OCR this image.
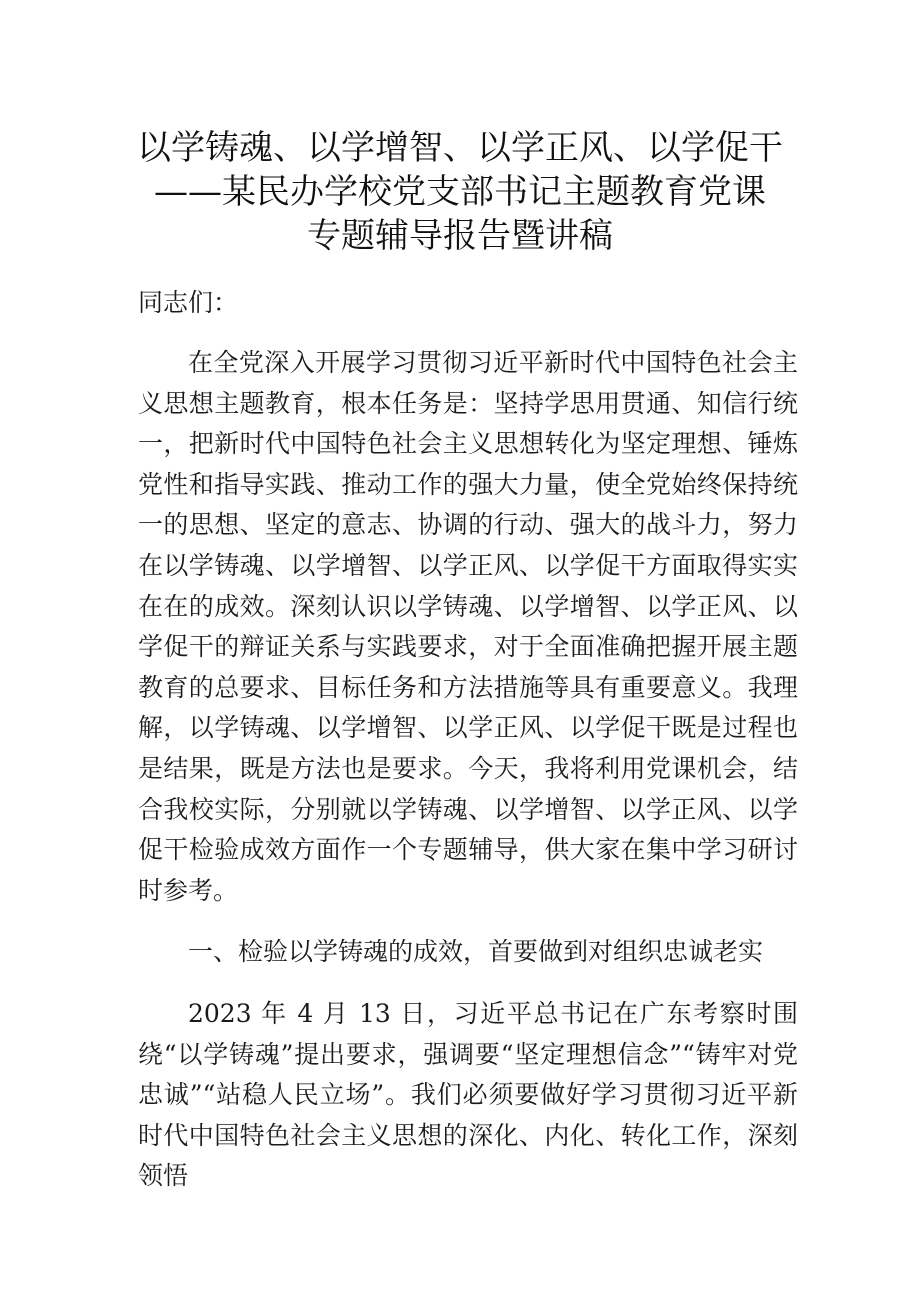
以学铸魂、以学增智、以学正风、以学促干
——某民办学校党支部书记主题教育党课
专题辅导报告暨讲稿

同志们：

在全党深入开展学习贯彻习近平新时代中国特色社会主义思想主题教育，根本任务是：坚持学思用贯通、知信行统一，把新时代中国特色社会主义思想转化为坚定理想、锤炼党性和指导实践、推动工作的强大力量，使全党始终保持统一的思想、坚定的意志、协调的行动、强大的战斗力，努力在以学铸魂、以学增智、以学正风、以学促干方面取得实实在在的成效。深刻认识以学铸魂、以学增智、以学正风、以学促干的辩证关系与实践要求，对于全面准确把握开展主题教育的总要求、目标任务和方法措施等具有重要意义。我理解，以学铸魂、以学增智、以学正风、以学促干既是过程也是结果，既是方法也是要求。今天，我将利用党课机会，结合我校实际，分别就以学铸魂、以学增智、以学正风、以学促干检验成效方面作一个专题辅导，供大家在集中学习研讨时参考。

一、检验以学铸魂的成效，首要做到对组织忠诚老实

2023 年 4 月 13 日，习近平总书记在广东考察时围绕“以学铸魂”提出要求，强调要“坚定理想信念”“铸牢对党忠诚”“站稳人民立场”。我们必须要做好学习贯彻习近平新时代中国特色社会主义思想的深化、内化、转化工作，深刻领悟
